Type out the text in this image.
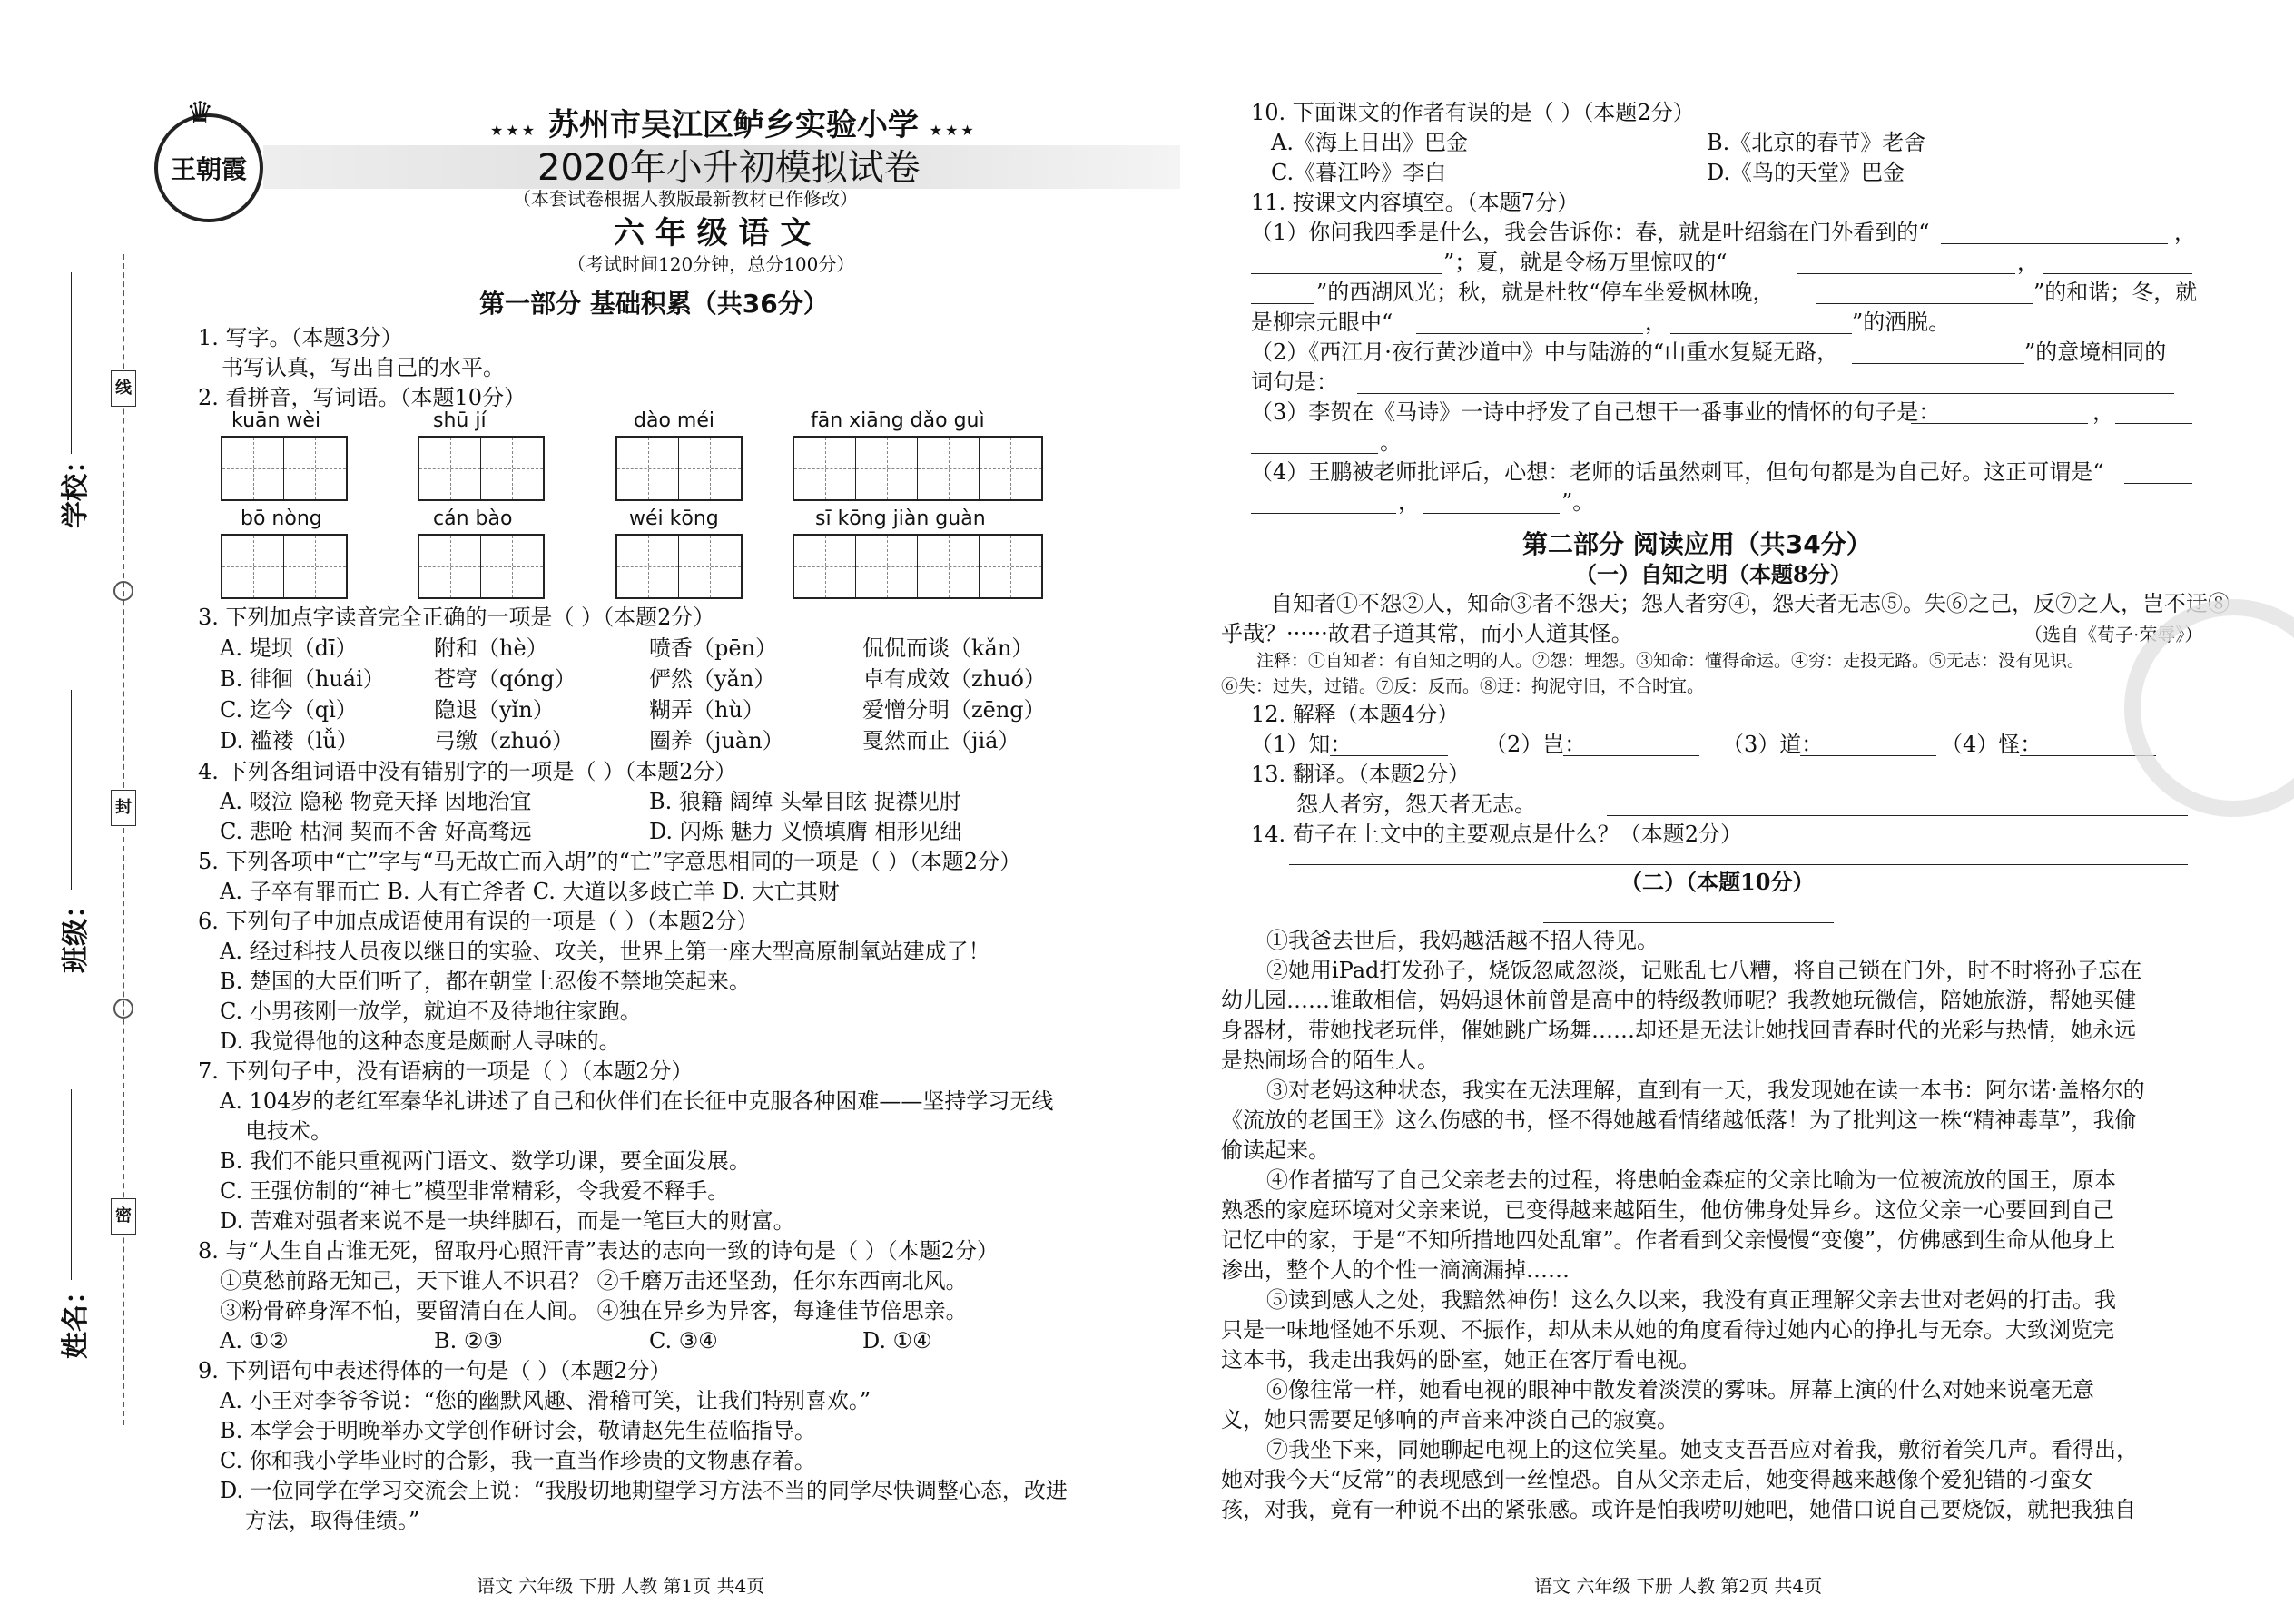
线
封
密
学校：
班级：
姓名：
王朝霞
♛	★★★ 苏州市吴江区鲈乡实验小学 ★★★
2020年小升初模拟试卷
（本套试卷根据人教版最新教材已作修改）
六 年 级 语 文
（考试时间120分钟，总分100分）
第一部分 基础积累（共36分）
1. 写字。（本题3分）
书写认真，写出自己的水平。
2. 看拼音，写词语。（本题10分）
kuān wèi	shū jí	dào méi	fān xiāng dǎo guì
bō nòng	cán bào	wéi kōng	sī kōng jiàn guàn
3. 下列加点字读音完全正确的一项是（ ）（本题2分）
A. 堤坝（dī）	附和（hè）	喷香（pēn）	侃侃而谈（kǎn）
B. 徘徊（huái） 苍穹（qóng）	俨然（yǎn）	卓有成效（zhuó）
C. 迄今（qì）	隐退（yǐn）	糊弄（hù）	爱憎分明（zēng）
D. 褴褛（lǚ）	弓缴（zhuó）	圈养（juàn）	戛然而止（jiá）
4. 下列各组词语中没有错别字的一项是（ ）（本题2分）
A. 啜泣 隐秘 物竞天择 因地治宜	B. 狼籍 阔绰 头晕目眩 捉襟见肘
C. 悲呛 枯洞 契而不舍 好高骛远	D. 闪烁 魅力 义愤填膺 相形见绌
5. 下列各项中“亡”字与“马无故亡而入胡”的“亡”字意思相同的一项是（ ）（本题2分）
A. 子卒有罪而亡 B. 人有亡斧者 C. 大道以多歧亡羊 D. 大亡其财
6. 下列句子中加点成语使用有误的一项是（ ）（本题2分）
A. 经过科技人员夜以继日的实验、攻关，世界上第一座大型高原制氧站建成了！
B. 楚国的大臣们听了，都在朝堂上忍俊不禁地笑起来。
C. 小男孩刚一放学，就迫不及待地往家跑。
D. 我觉得他的这种态度是颇耐人寻味的。
7. 下列句子中，没有语病的一项是（ ）（本题2分）
A. 104岁的老红军秦华礼讲述了自己和伙伴们在长征中克服各种困难——坚持学习无线
电技术。
B. 我们不能只重视两门语文、数学功课，要全面发展。
C. 王强仿制的“神七”模型非常精彩，令我爱不释手。
D. 苦难对强者来说不是一块绊脚石，而是一笔巨大的财富。
8. 与“人生自古谁无死，留取丹心照汗青”表达的志向一致的诗句是（ ）（本题2分）
①莫愁前路无知己，天下谁人不识君？ ②千磨万击还坚劲，任尔东西南北风。
③粉骨碎身浑不怕，要留清白在人间。 ④独在异乡为异客，每逢佳节倍思亲。
A. ①②	B. ②③	C. ③④	D. ①④
9. 下列语句中表述得体的一句是（ ）（本题2分）
A. 小王对李爷爷说：“您的幽默风趣、滑稽可笑，让我们特别喜欢。”
B. 本学会于明晚举办文学创作研讨会，敬请赵先生莅临指导。
C. 你和我小学毕业时的合影，我一直当作珍贵的文物惠存着。
D. 一位同学在学习交流会上说：“我殷切地期望学习方法不当的同学尽快调整心态，改进
方法，取得佳绩。”
语文 六年级 下册 人教 第1页 共4页
10. 下面课文的作者有误的是（ ）（本题2分）
A.《海上日出》巴金	B.《北京的春节》老舍
C.《暮江吟》李白	D.《鸟的天堂》巴金
11. 按课文内容填空。（本题7分）
（1）你问我四季是什么，我会告诉你：春，就是叶绍翁在门外看到的“	，
”；夏，就是令杨万里惊叹的“	，
”的西湖风光；秋，就是杜牧“停车坐爱枫林晚，	”的和谐；冬，就
是柳宗元眼中“	，	”的洒脱。
（2）《西江月·夜行黄沙道中》中与陆游的“山重水复疑无路，	”的意境相同的
词句是：
（3）李贺在《马诗》一诗中抒发了自己想干一番事业的情怀的句子是：	，
。
（4）王鹏被老师批评后，心想：老师的话虽然刺耳，但句句都是为自己好。这正可谓是“
，	”。
第二部分 阅读应用（共34分）
（一）自知之明（本题8分）
自知者①不怨②人，知命③者不怨天；怨人者穷④，怨天者无志⑤。失⑥之己，反⑦之人，岂不迂⑧
乎哉？······故君子道其常，而小人道其怪。	（选自《荀子·荣辱》）
注释：①自知者：有自知之明的人。②怨：埋怨。③知命：懂得命运。④穷：走投无路。⑤无志：没有见识。
⑥失：过失，过错。⑦反：反而。⑧迂：拘泥守旧，不合时宜。
12. 解释（本题4分）
（1）知：	（2）岂：	（3）道：	（4）怪：
13. 翻译。（本题2分）
怨人者穷，怨天者无志。
14. 荀子在上文中的主要观点是什么？（本题2分）
（二）（本题10分）
①我爸去世后，我妈越活越不招人待见。
②她用iPad打发孙子，烧饭忽咸忽淡，记账乱七八糟，将自己锁在门外，时不时将孙子忘在
幼儿园……谁敢相信，妈妈退休前曾是高中的特级教师呢？我教她玩微信，陪她旅游，帮她买健
身器材，带她找老玩伴，催她跳广场舞……却还是无法让她找回青春时代的光彩与热情，她永远
是热闹场合的陌生人。
③对老妈这种状态，我实在无法理解，直到有一天，我发现她在读一本书：阿尔诺·盖格尔的
《流放的老国王》这么伤感的书，怪不得她越看情绪越低落！为了批判这一株“精神毒草”，我偷
偷读起来。
④作者描写了自己父亲老去的过程，将患帕金森症的父亲比喻为一位被流放的国王，原本
熟悉的家庭环境对父亲来说，已变得越来越陌生，他仿佛身处异乡。这位父亲一心要回到自己
记忆中的家，于是“不知所措地四处乱窜”。作者看到父亲慢慢“变傻”，仿佛感到生命从他身上
渗出，整个人的个性一滴滴漏掉……
⑤读到感人之处，我黯然神伤！这么久以来，我没有真正理解父亲去世对老妈的打击。我
只是一味地怪她不乐观、不振作，却从未从她的角度看待过她内心的挣扎与无奈。大致浏览完
这本书，我走出我妈的卧室，她正在客厅看电视。
⑥像往常一样，她看电视的眼神中散发着淡漠的雾味。屏幕上演的什么对她来说毫无意
义，她只需要足够响的声音来冲淡自己的寂寞。
⑦我坐下来，同她聊起电视上的这位笑星。她支支吾吾应对着我，敷衍着笑几声。看得出，
她对我今天“反常”的表现感到一丝惶恐。自从父亲走后，她变得越来越像个爱犯错的刁蛮女
孩，对我，竟有一种说不出的紧张感。或许是怕我唠叨她吧，她借口说自己要烧饭，就把我独自
语文 六年级 下册 人教 第2页 共4页
